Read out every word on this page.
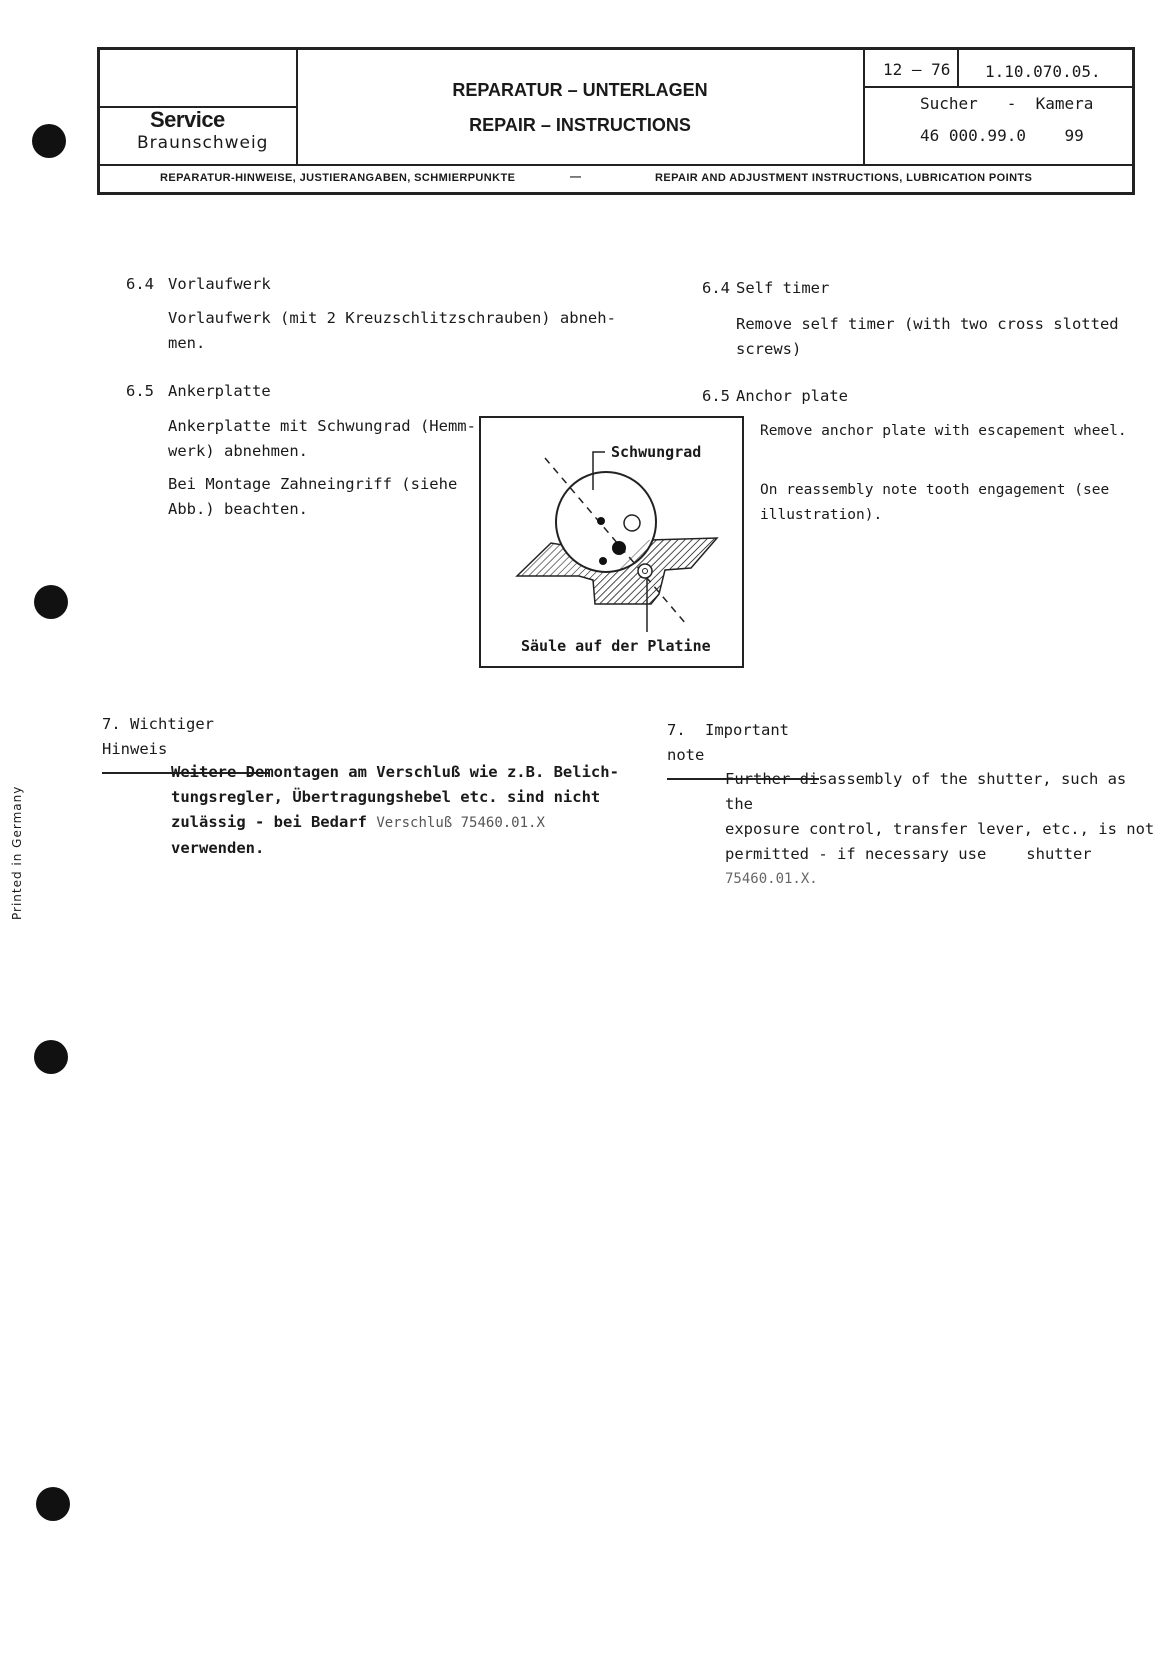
Service
Braunschweig
REPARATUR – UNTERLAGEN
REPAIR – INSTRUCTIONS
12 – 76 1.10.070.05.
Sucher   -  Kamera
46 000.99.0    99
REPARATUR-HINWEISE, JUSTIERANGABEN, SCHMIERPUNKTE	—	REPAIR AND ADJUSTMENT INSTRUCTIONS, LUBRICATION POINTS
6.4 Vorlaufwerk
Vorlaufwerk (mit 2 Kreuzschlitzschrauben) abneh-
men.
6.5 Ankerplatte
Ankerplatte mit Schwungrad (Hemm-
werk) abnehmen.
Bei Montage Zahneingriff (siehe
Abb.) beachten.
7. Wichtiger Hinweis
Weitere Demontagen am Verschluß wie z.B. Belich-
tungsregler, Übertragungshebel etc. sind nicht
zulässig - bei Bedarf Verschluß 75460.01.X
verwenden.
6.4 Self timer
Remove self timer (with two cross slotted screws)
6.5 Anchor plate
Remove anchor plate with escapement wheel.
On reassembly note tooth engagement (see
illustration).
7. Important note
Further disassembly of the shutter, such as the
exposure control, transfer lever, etc., is not
permitted - if necessary use	shutter
75460.01.X.
Schwungrad
Säule auf der Platine
Printed in Germany
